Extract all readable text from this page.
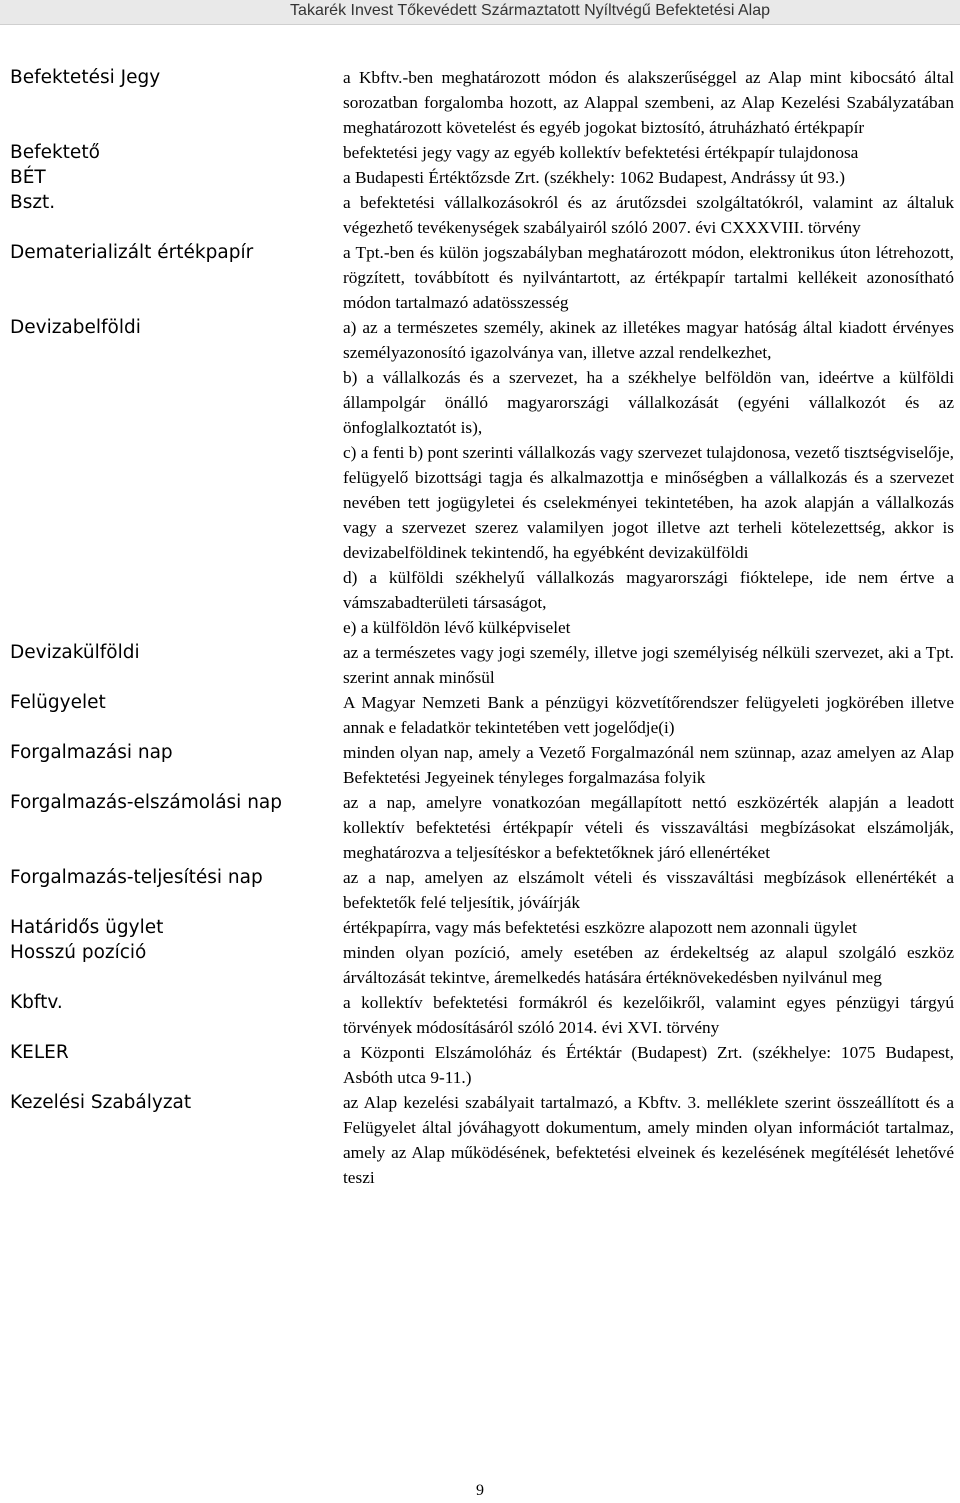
Takarék Invest Tőkevédett Származtatott Nyíltvégű Befektetési Alap
Befektetési Jegy	a Kbftv.-ben meghatározott módon és alakszerűséggel az Alap mint kibocsátó által sorozatban forgalomba hozott, az Alappal szembeni, az Alap Kezelési Szabályzatában meghatározott követelést és egyéb jogokat biztosító, átruházható értékpapír

Befektető	befektetési jegy vagy az egyéb kollektív befektetési értékpapír tulajdonosa

BÉT	a Budapesti Értéktőzsde Zrt. (székhely: 1062 Budapest, Andrássy út 93.)

Bszt.	a befektetési vállalkozásokról és az árutőzsdei szolgáltatókról, valamint az általuk végezhető tevékenységek szabályairól szóló 2007. évi CXXXVIII. törvény

Dematerializált értékpapír	a Tpt.-ben és külön jogszabályban meghatározott módon, elektronikus úton létrehozott, rögzített, továbbított és nyilvántartott, az értékpapír tartalmi kellékeit azonosítható módon tartalmazó adatösszesség

Devizabelföldi	a) az a természetes személy, akinek az illetékes magyar hatóság által kiadott érvényes személyazonosító igazolványa van, illetve azzal rendelkezhet,

b) a vállalkozás és a szervezet, ha a székhelye belföldön van, ideértve a külföldi állampolgár önálló magyarországi vállalkozását (egyéni vállalkozót és az önfoglalkoztatót is),

c) a fenti b) pont szerinti vállalkozás vagy szervezet tulajdonosa, vezető tisztségviselője, felügyelő bizottsági tagja és alkalmazottja e minőségben a vállalkozás és a szervezet nevében tett jogügyletei és cselekményei tekintetében, ha azok alapján a vállalkozás vagy a szervezet szerez valamilyen jogot illetve azt terheli kötelezettség, akkor is devizabelföldinek tekintendő, ha egyébként devizakülföldi

d) a külföldi székhelyű vállalkozás magyarországi fióktelepe, ide nem értve a vámszabadterületi társaságot,

e) a külföldön lévő külképviselet

Devizakülföldi	az a természetes vagy jogi személy, illetve jogi személyiség nélküli szervezet, aki a Tpt. szerint annak minősül

Felügyelet	A Magyar Nemzeti Bank a pénzügyi közvetítőrendszer felügyeleti jogkörében illetve annak e feladatkör tekintetében vett jogelődje(i)

Forgalmazási nap	minden olyan nap, amely a Vezető Forgalmazónál nem szünnap, azaz amelyen az Alap Befektetési Jegyeinek tényleges forgalmazása folyik

Forgalmazás-elszámolási nap	az a nap, amelyre vonatkozóan megállapított nettó eszközérték alapján a leadott kollektív befektetési értékpapír vételi és visszaváltási megbízásokat elszámolják, meghatározva a teljesítéskor a befektetőknek járó ellenértéket

Forgalmazás-teljesítési nap	az a nap, amelyen az elszámolt vételi és visszaváltási megbízások ellenértékét a befektetők felé teljesítik, jóváírják

Határidős ügylet	értékpapírra, vagy más befektetési eszközre alapozott nem azonnali ügylet

Hosszú pozíció	minden olyan pozíció, amely esetében az érdekeltség az alapul szolgáló eszköz árváltozását tekintve, áremelkedés hatására értéknövekedésben nyilvánul meg

Kbftv.	a kollektív befektetési formákról és kezelőikről, valamint egyes pénzügyi tárgyú törvények módosításáról szóló 2014. évi XVI. törvény

KELER	a Központi Elszámolóház és Értéktár (Budapest) Zrt. (székhelye: 1075 Budapest, Asbóth utca 9-11.)

Kezelési Szabályzat	az Alap kezelési szabályait tartalmazó, a Kbftv. 3. melléklete szerint összeállított és a Felügyelet által jóváhagyott dokumentum, amely minden olyan információt tartalmaz, amely az Alap működésének, befektetési elveinek és kezelésének megítélését lehetővé teszi

9
